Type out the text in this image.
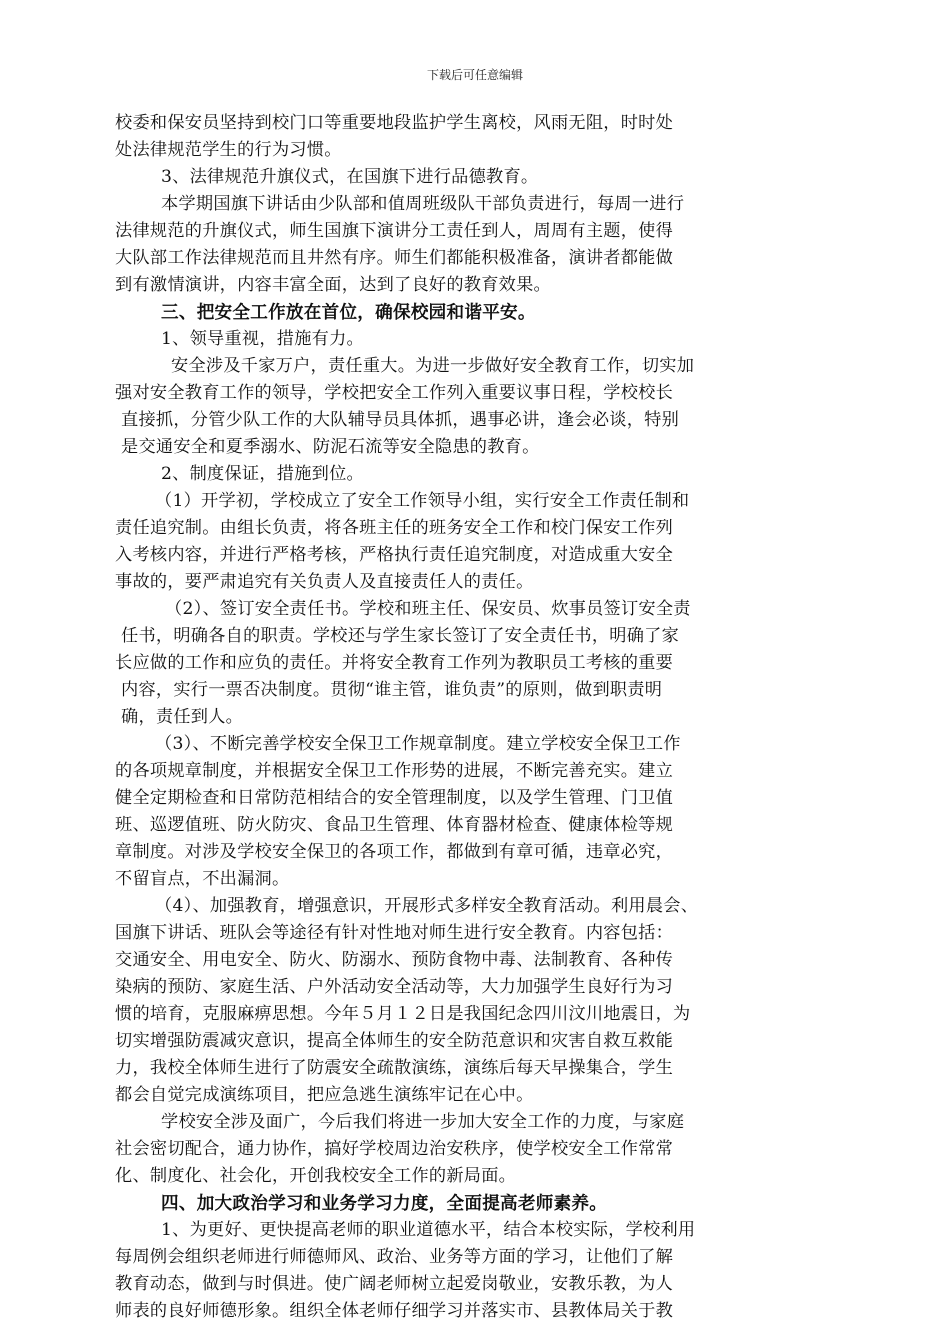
下载后可任意编辑
校委和保安员坚持到校门口等重要地段监护学生离校，风雨无阻，时时处
处法律规范学生的行为习惯。
3、法律规范升旗仪式，在国旗下进行品德教育。
本学期国旗下讲话由少队部和值周班级队干部负责进行，每周一进行
法律规范的升旗仪式，师生国旗下演讲分工责任到人，周周有主题，使得
大队部工作法律规范而且井然有序。师生们都能积极准备，演讲者都能做
到有激情演讲，内容丰富全面，达到了良好的教育效果。
三、把安全工作放在首位，确保校园和谐平安。
1、领导重视，措施有力。
安全涉及千家万户，责任重大。为进一步做好安全教育工作，切实加
强对安全教育工作的领导，学校把安全工作列入重要议事日程，学校校长
直接抓，分管少队工作的大队辅导员具体抓，遇事必讲，逢会必谈，特别
是交通安全和夏季溺水、防泥石流等安全隐患的教育。
2、制度保证，措施到位。
（1）开学初，学校成立了安全工作领导小组，实行安全工作责任制和
责任追究制。由组长负责，将各班主任的班务安全工作和校门保安工作列
入考核内容，并进行严格考核，严格执行责任追究制度，对造成重大安全
事故的，要严肃追究有关负责人及直接责任人的责任。
（2）、签订安全责任书。学校和班主任、保安员、炊事员签订安全责
任书，明确各自的职责。学校还与学生家长签订了安全责任书，明确了家
长应做的工作和应负的责任。并将安全教育工作列为教职员工考核的重要
内容，实行一票否决制度。贯彻“谁主管，谁负责”的原则，做到职责明
确，责任到人。
（3）、不断完善学校安全保卫工作规章制度。建立学校安全保卫工作
的各项规章制度，并根据安全保卫工作形势的进展，不断完善充实。建立
健全定期检查和日常防范相结合的安全管理制度，以及学生管理、门卫值
班、巡逻值班、防火防灾、食品卫生管理、体育器材检查、健康体检等规
章制度。对涉及学校安全保卫的各项工作，都做到有章可循，违章必究，
不留盲点，不出漏洞。
（4）、加强教育，增强意识，开展形式多样安全教育活动。利用晨会、
国旗下讲话、班队会等途径有针对性地对师生进行安全教育。内容包括：
交通安全、用电安全、防火、防溺水、预防食物中毒、法制教育、各种传
染病的预防、家庭生活、户外活动安全活动等，大力加强学生良好行为习
惯的培育，克服麻痹思想。今年５月１２日是我国纪念四川汶川地震日，为
切实增强防震减灾意识，提高全体师生的安全防范意识和灾害自救互救能
力，我校全体师生进行了防震安全疏散演练，演练后每天早操集合，学生
都会自觉完成演练项目，把应急逃生演练牢记在心中。
学校安全涉及面广，今后我们将进一步加大安全工作的力度，与家庭
社会密切配合，通力协作，搞好学校周边治安秩序，使学校安全工作常常
化、制度化、社会化，开创我校安全工作的新局面。
四、加大政治学习和业务学习力度，全面提高老师素养。
1、为更好、更快提高老师的职业道德水平，结合本校实际，学校利用
每周例会组织老师进行师德师风、政治、业务等方面的学习，让他们了解
教育动态，做到与时俱进。使广阔老师树立起爱岗敬业，安教乐教，为人
师表的良好师德形象。组织全体老师仔细学习并落实市、县教体局关于教
